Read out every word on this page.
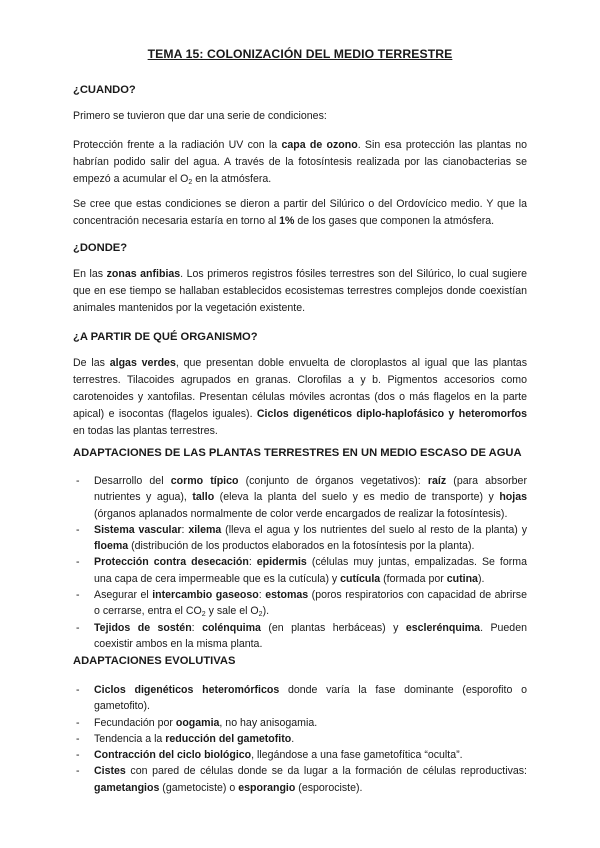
TEMA 15: COLONIZACIÓN DEL MEDIO TERRESTRE
¿CUANDO?
Primero se tuvieron que dar una serie de condiciones:
Protección frente a la radiación UV con la capa de ozono. Sin esa protección las plantas no habrían podido salir del agua. A través de la fotosíntesis realizada por las cianobacterias se empezó a acumular el $O_2$ en la atmósfera.
Se cree que estas condiciones se dieron a partir del Silúrico o del Ordovícico medio. Y que la concentración necesaria estaría en torno al 1% de los gases que componen la atmósfera.
¿DONDE?
En las zonas anfibias. Los primeros registros fósiles terrestres son del Silúrico, lo cual sugiere que en ese tiempo se hallaban establecidos ecosistemas terrestres complejos donde coexistían animales mantenidos por la vegetación existente.
¿A PARTIR DE QUÉ ORGANISMO?
De las algas verdes, que presentan doble envuelta de cloroplastos al igual que las plantas terrestres. Tilacoides agrupados en granas. Clorofilas a y b. Pigmentos accesorios como carotenoides y xantofilas. Presentan células móviles acrontas (dos o más flagelos en la parte apical) e isocontas (flagelos iguales). Ciclos digenéticos diplo-haplofásico y heteromorfos en todas las plantas terrestres.
ADAPTACIONES DE LAS PLANTAS TERRESTRES EN UN MEDIO ESCASO DE AGUA
- Desarrollo del cormo típico (conjunto de órganos vegetativos): raíz (para absorber nutrientes y agua), tallo (eleva la planta del suelo y es medio de transporte) y hojas (órganos aplanados normalmente de color verde encargados de realizar la fotosíntesis).
- Sistema vascular: xilema (lleva el agua y los nutrientes del suelo al resto de la planta) y floema (distribución de los productos elaborados en la fotosíntesis por la planta).
- Protección contra desecación: epidermis (células muy juntas, empalizadas. Se forma una capa de cera impermeable que es la cutícula) y cutícula (formada por cutina).
- Asegurar el intercambio gaseoso: estomas (poros respiratorios con capacidad de abrirse o cerrarse, entra el $CO_2$ y sale el $O_2$).
- Tejidos de sostén: colénquima (en plantas herbáceas) y esclerénquima. Pueden coexistir ambos en la misma planta.
ADAPTACIONES EVOLUTIVAS
- Ciclos digenéticos heteromórficos donde varía la fase dominante (esporofito o gametofito).
- Fecundación por oogamia, no hay anisogamia.
- Tendencia a la reducción del gametofito.
- Contracción del ciclo biológico, llegándose a una fase gametofítica “oculta”.
- Cistes con pared de células donde se da lugar a la formación de células reproductivas: gametangios (gametociste) o esporangio (esporociste).
